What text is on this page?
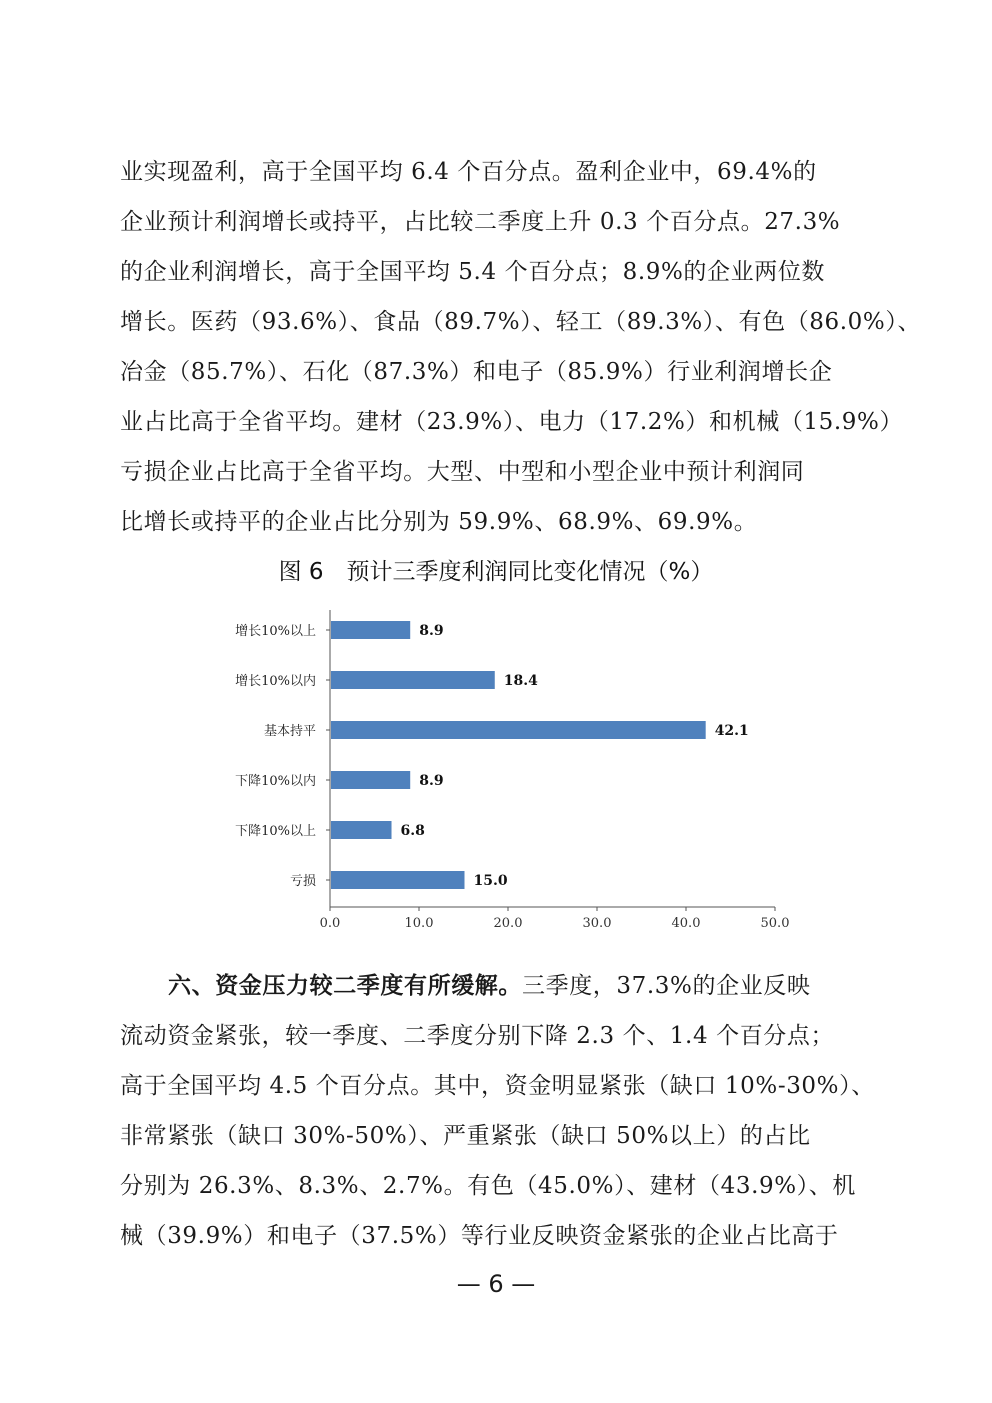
业实现盈利，高于全国平均 6.4 个百分点。盈利企业中，69.4%的

企业预计利润增长或持平，占比较二季度上升 0.3 个百分点。27.3%

的企业利润增长，高于全国平均 5.4 个百分点；8.9%的企业两位数

增长。医药（93.6%）、食品（89.7%）、轻工（89.3%）、有色（86.0%）、

冶金（85.7%）、石化（87.3%）和电子（85.9%）行业利润增长企

业占比高于全省平均。建材（23.9%）、电力（17.2%）和机械（15.9%）

亏损企业占比高于全省平均。大型、中型和小型企业中预计利润同

比增长或持平的企业占比分别为 59.9%、68.9%、69.9%。

图 6　预计三季度利润同比变化情况（%）
0.0	10.0	20.0	30.0	40.0	50.0
增长10%以上	8.9
增长10%以内	18.4
基本持平	42.1
下降10%以内	8.9
下降10%以上	6.8
亏损	15.0

六、资金压力较二季度有所缓解。三季度，37.3%的企业反映

流动资金紧张，较一季度、二季度分别下降 2.3 个、1.4 个百分点；

高于全国平均 4.5 个百分点。其中，资金明显紧张（缺口 10%-30%）、

非常紧张（缺口 30%-50%）、严重紧张（缺口 50%以上）的占比

分别为 26.3%、8.3%、2.7%。有色（45.0%）、建材（43.9%）、机

械（39.9%）和电子（37.5%）等行业反映资金紧张的企业占比高于

— 6 —
